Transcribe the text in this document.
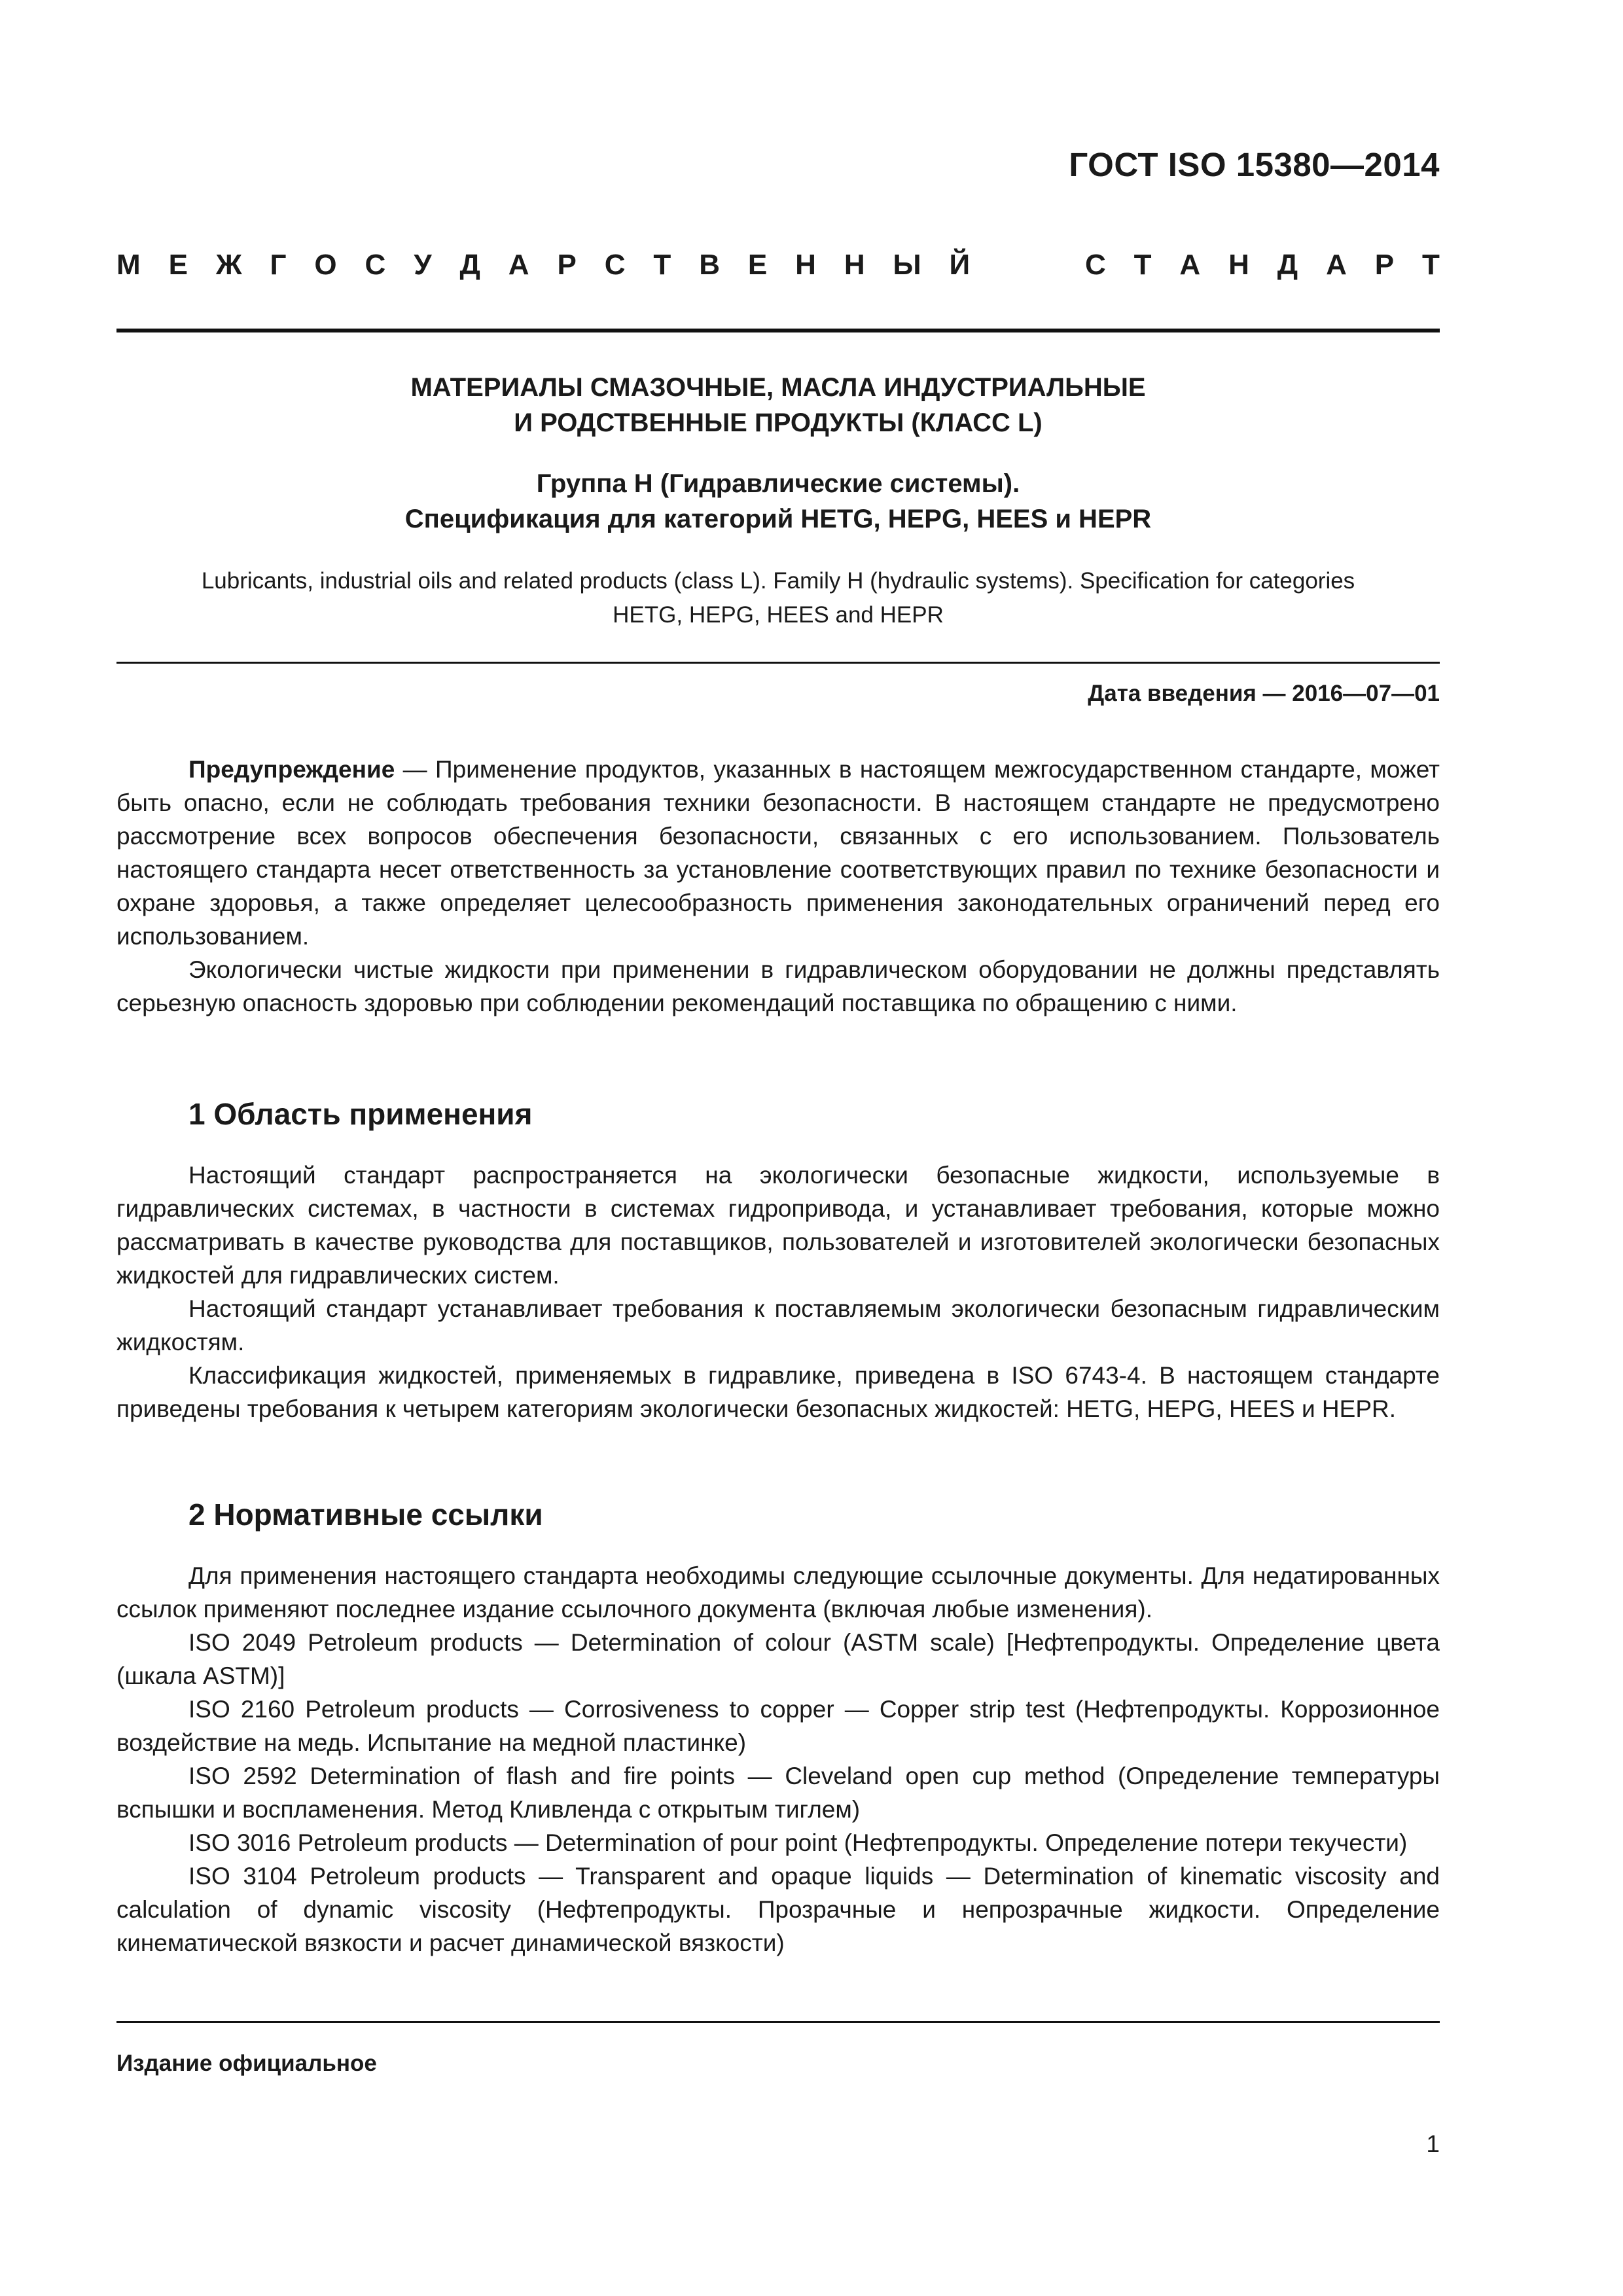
ГОСТ ISO 15380—2014
М Е Ж Г О С У Д А Р С Т В Е Н Н Ы Й	С Т А Н Д А Р Т
МАТЕРИАЛЫ СМАЗОЧНЫЕ, МАСЛА ИНДУСТРИАЛЬНЫЕ
И РОДСТВЕННЫЕ ПРОДУКТЫ (КЛАСС L)
Группа Н (Гидравлические системы).
Спецификация для категорий HETG, HEPG, HEES и HEPR
Lubricants, industrial oils and related products (class L). Family H (hydraulic systems). Specification for categories
HETG, HEPG, HEES and HEPR
Дата введения — 2016—07—01

Предупреждение — Применение продуктов, указанных в настоящем межгосударственном стандарте, может быть опасно, если не соблюдать требования техники безопасности. В настоящем стандарте не предусмотрено рассмотрение всех вопросов обеспечения безопасности, связанных с его использованием. Пользователь настоящего стандарта несет ответственность за установление соответствующих правил по технике безопасности и охране здоровья, а также определяет целесообразность применения законодательных ограничений перед его использованием.

Экологически чистые жидкости при применении в гидравлическом оборудовании не должны представлять серьезную опасность здоровью при соблюдении рекомендаций поставщика по обращению с ними.

1 Область применения

Настоящий стандарт распространяется на экологически безопасные жидкости, используемые в гидравлических системах, в частности в системах гидропривода, и устанавливает требования, которые можно рассматривать в качестве руководства для поставщиков, пользователей и изготовителей экологически безопасных жидкостей для гидравлических систем.

Настоящий стандарт устанавливает требования к поставляемым экологически безопасным гидравлическим жидкостям.

Классификация жидкостей, применяемых в гидравлике, приведена в ISO 6743-4. В настоящем стандарте приведены требования к четырем категориям экологически безопасных жидкостей: HETG, HEPG, HEES и HEPR.

2 Нормативные ссылки

Для применения настоящего стандарта необходимы следующие ссылочные документы. Для недатированных ссылок применяют последнее издание ссылочного документа (включая любые изменения).

ISO 2049 Petroleum products — Determination of colour (ASTM scale) [Нефтепродукты. Определение цвета (шкала ASTM)]

ISO 2160 Petroleum products — Corrosiveness to copper — Copper strip test (Нефтепродукты. Коррозионное воздействие на медь. Испытание на медной пластинке)

ISO 2592 Determination of flash and fire points — Cleveland open cup method (Определение температуры вспышки и воспламенения. Метод Кливленда с открытым тиглем)

ISO 3016 Petroleum products — Determination of pour point (Нефтепродукты. Определение потери текучести)

ISO 3104 Petroleum products — Transparent and opaque liquids — Determination of kinematic viscosity and calculation of dynamic viscosity (Нефтепродукты. Прозрачные и непрозрачные жидкости. Определение кинематической вязкости и расчет динамической вязкости)

Издание официальное
1
